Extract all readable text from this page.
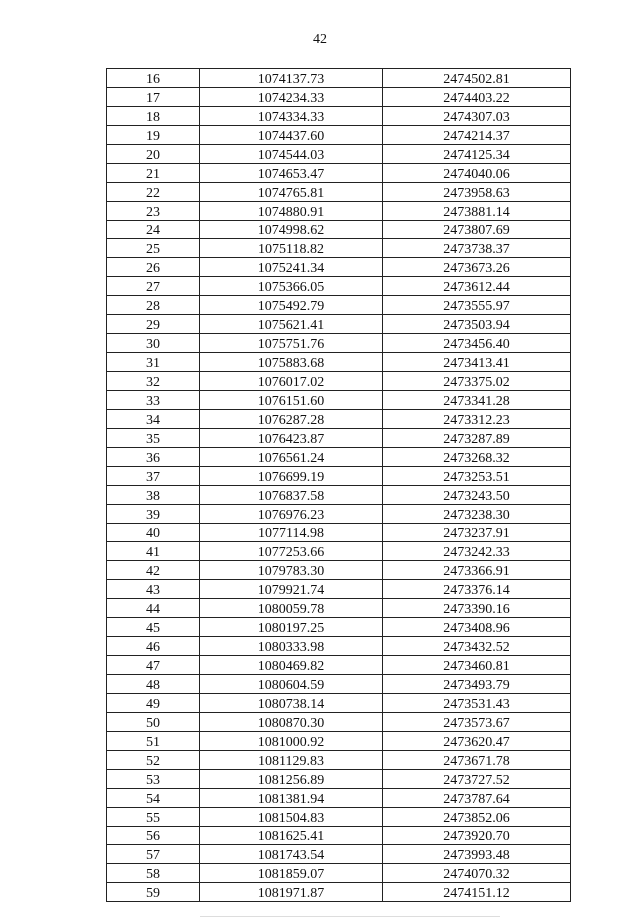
42
16	1074137.73	2474502.81
17	1074234.33	2474403.22
18	1074334.33	2474307.03
19	1074437.60	2474214.37
20	1074544.03	2474125.34
21	1074653.47	2474040.06
22	1074765.81	2473958.63
23	1074880.91	2473881.14
24	1074998.62	2473807.69
25	1075118.82	2473738.37
26	1075241.34	2473673.26
27	1075366.05	2473612.44
28	1075492.79	2473555.97
29	1075621.41	2473503.94
30	1075751.76	2473456.40
31	1075883.68	2473413.41
32	1076017.02	2473375.02
33	1076151.60	2473341.28
34	1076287.28	2473312.23
35	1076423.87	2473287.89
36	1076561.24	2473268.32
37	1076699.19	2473253.51
38	1076837.58	2473243.50
39	1076976.23	2473238.30
40	1077114.98	2473237.91
41	1077253.66	2473242.33
42	1079783.30	2473366.91
43	1079921.74	2473376.14
44	1080059.78	2473390.16
45	1080197.25	2473408.96
46	1080333.98	2473432.52
47	1080469.82	2473460.81
48	1080604.59	2473493.79
49	1080738.14	2473531.43
50	1080870.30	2473573.67
51	1081000.92	2473620.47
52	1081129.83	2473671.78
53	1081256.89	2473727.52
54	1081381.94	2473787.64
55	1081504.83	2473852.06
56	1081625.41	2473920.70
57	1081743.54	2473993.48
58	1081859.07	2474070.32
59	1081971.87	2474151.12
